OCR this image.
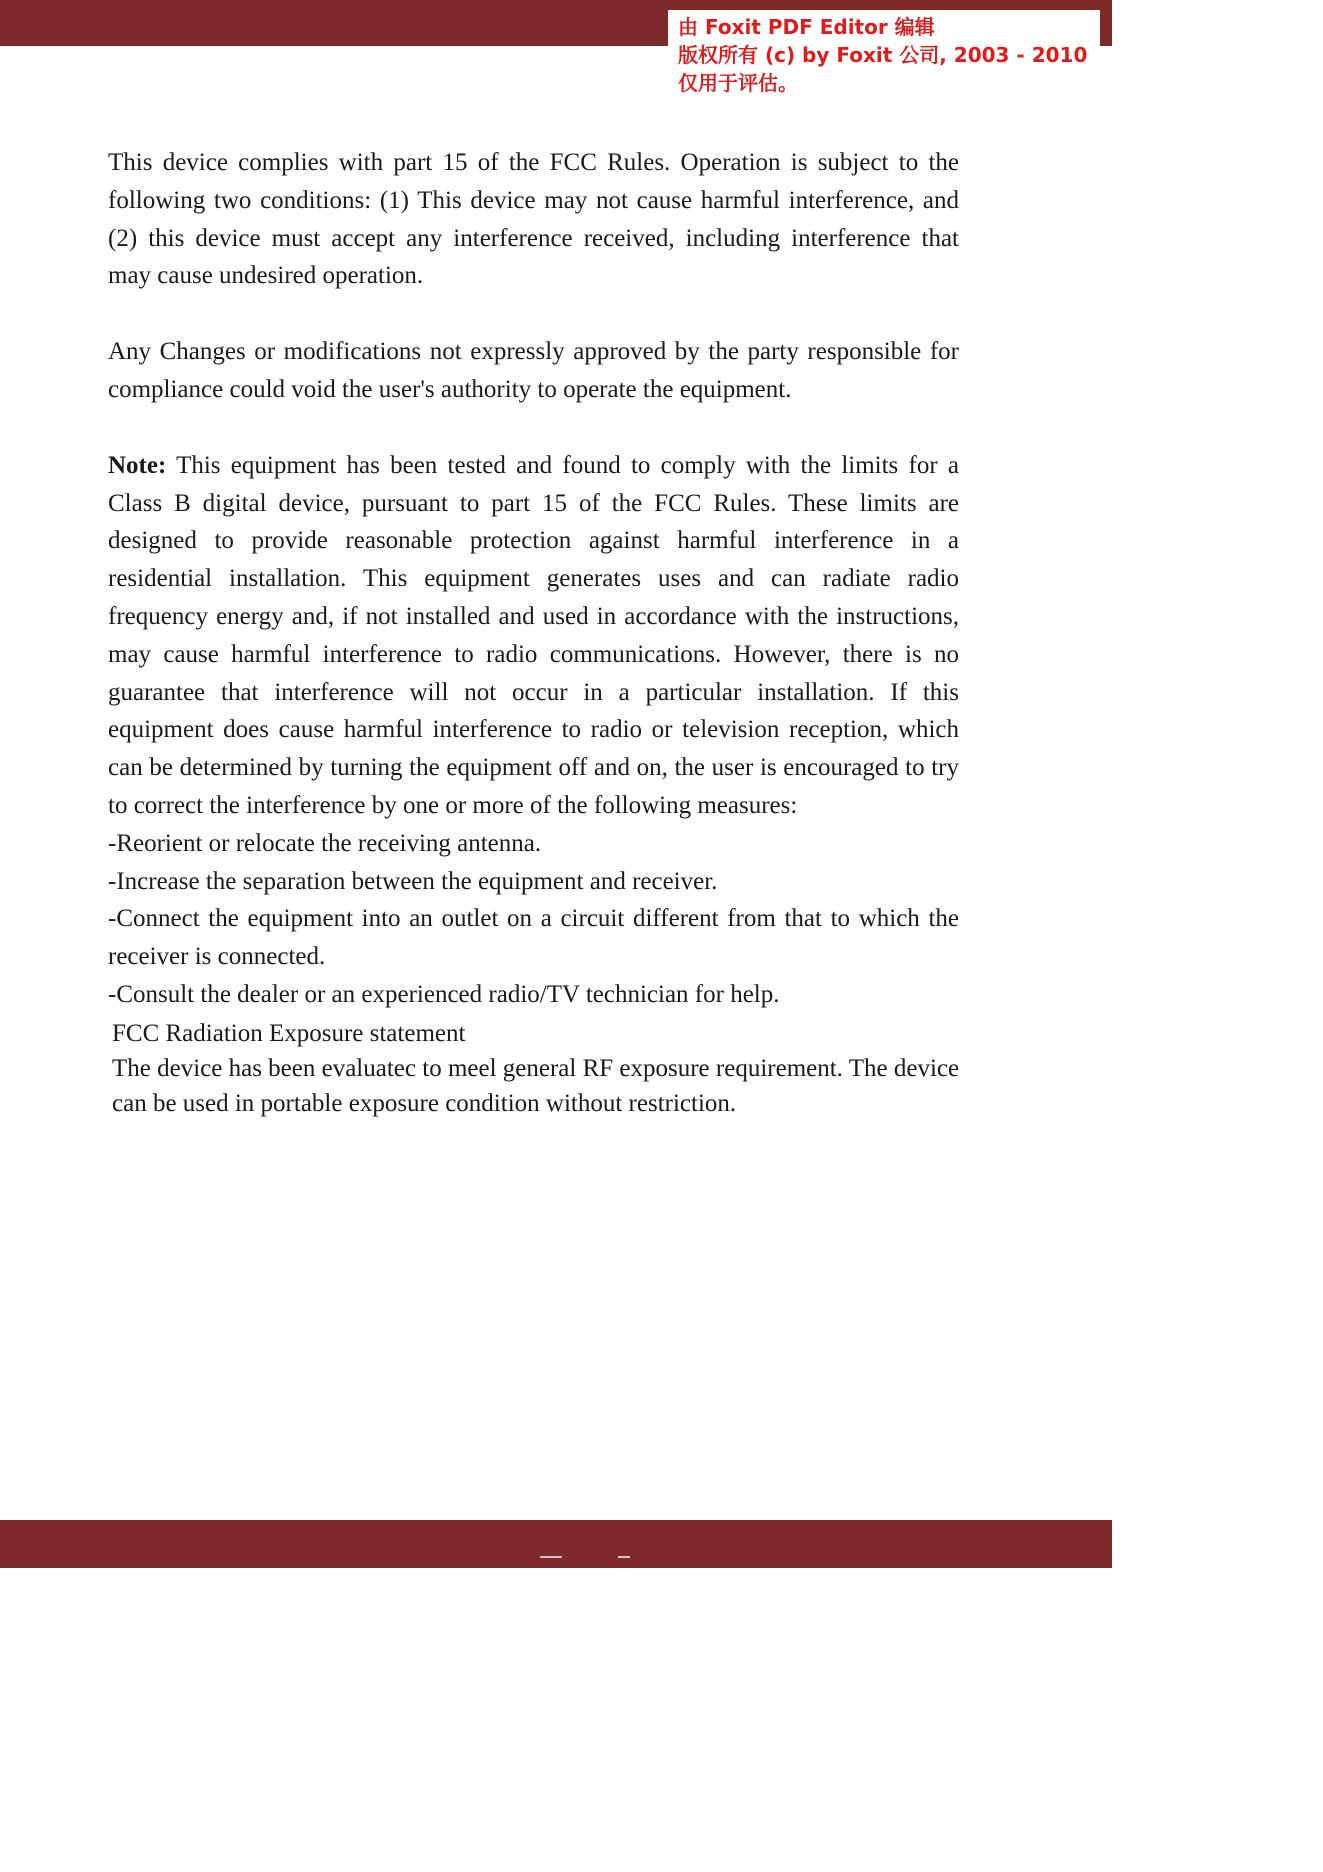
由 Foxit PDF Editor 编辑
版权所有 (c) by Foxit 公司, 2003 - 2010
仅用于评估。

This device complies with part 15 of the FCC Rules. Operation is subject to the following two conditions: (1) This device may not cause harmful interference, and (2) this device must accept any interference received, including interference that may cause undesired operation.

Any Changes or modifications not expressly approved by the party responsible for compliance could void the user's authority to operate the equipment.

Note: This equipment has been tested and found to comply with the limits for a Class B digital device, pursuant to part 15 of the FCC Rules. These limits are designed to provide reasonable protection against harmful interference in a residential installation. This equipment generates uses and can radiate radio frequency energy and, if not installed and used in accordance with the instructions, may cause harmful interference to radio communications. However, there is no guarantee that interference will not occur in a particular installation. If this equipment does cause harmful interference to radio or television reception, which can be determined by turning the equipment off and on, the user is encouraged to try to correct the interference by one or more of the following measures:

-Reorient or relocate the receiving antenna.

-Increase the separation between the equipment and receiver.

-Connect the equipment into an outlet on a circuit different from that to which the receiver is connected.

-Consult the dealer or an experienced radio/TV technician for help.

FCC Radiation Exposure statement
The device has been evaluatec to meel general RF exposure requirement. The device
can be used in portable exposure condition without restriction.
